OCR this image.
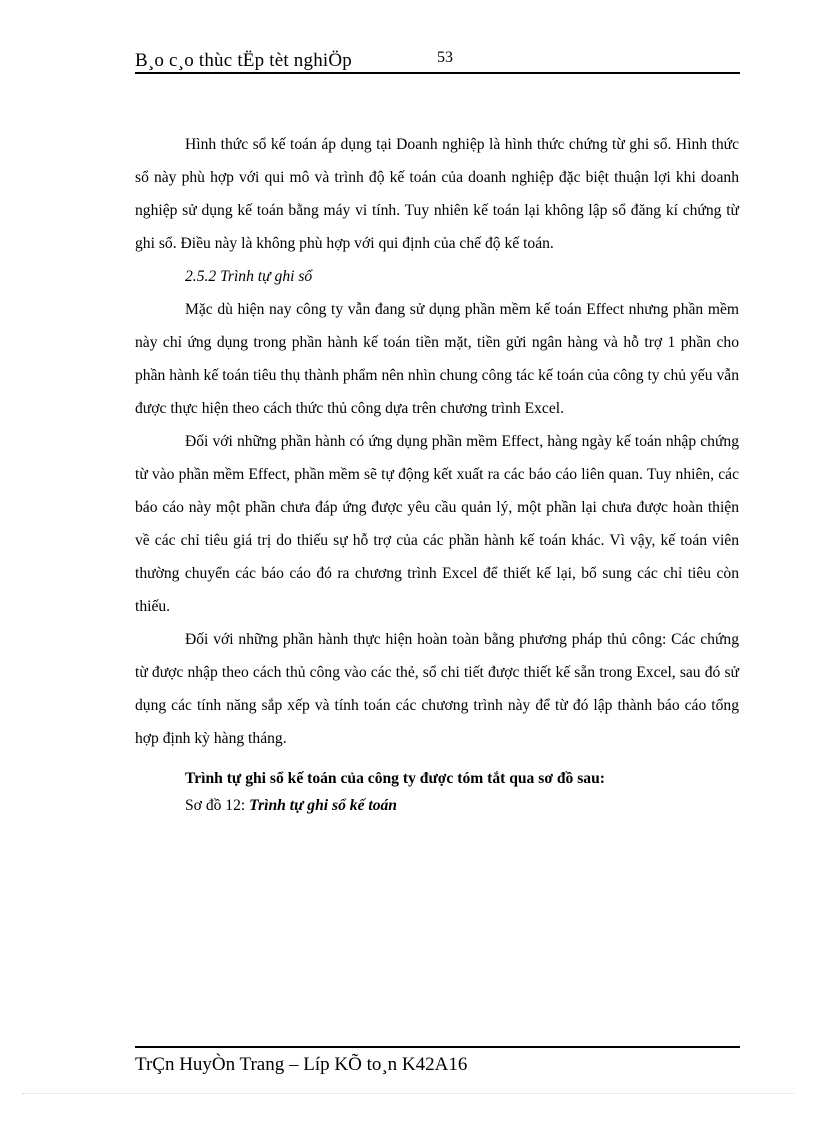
B¸o c¸o thùc tËp tèt nghiÖp	53

Hình thức sổ kế toán áp dụng tại Doanh nghiệp là hình thức chứng từ ghi sổ. Hình thức sổ này phù hợp với qui mô và trình độ kế toán của doanh nghiệp đặc biệt thuận lợi khi doanh nghiệp sử dụng kế toán bằng máy vi tính. Tuy nhiên kế toán lại không lập sổ đăng kí chứng từ ghi sổ. Điều này là không phù hợp với qui định của chế độ kế toán.

2.5.2 Trình tự ghi sổ

Mặc dù hiện nay công ty vẫn đang sử dụng phần mềm kế toán Effect nhưng phần mềm này chỉ ứng dụng trong phần hành kế toán tiền mặt, tiền gửi ngân hàng và hỗ trợ 1 phần cho phần hành kế toán tiêu thụ thành phẩm nên nhìn chung công tác kế toán của công ty chủ yếu vẫn được thực hiện theo cách thức thủ công dựa trên chương trình Excel.

Đối với những phần hành có ứng dụng phần mềm Effect, hàng ngày kế toán nhập chứng từ vào phần mềm Effect, phần mềm sẽ tự động kết xuất ra các báo cáo liên quan. Tuy nhiên, các báo cáo này một phần chưa đáp ứng được yêu cầu quản lý, một phần lại chưa được hoàn thiện về các chỉ tiêu giá trị do thiếu sự hỗ trợ của các phần hành kế toán khác. Vì vậy, kế toán viên thường chuyển các báo cáo đó ra chương trình Excel để thiết kế lại, bổ sung các chỉ tiêu còn thiếu.

Đối với những phần hành thực hiện hoàn toàn bằng phương pháp thủ công: Các chứng từ được nhập theo cách thủ công vào các thẻ, sổ chi tiết được thiết kế sẵn trong Excel, sau đó sử dụng các tính năng sắp xếp và tính toán các chương trình này để từ đó lập thành báo cáo tổng hợp định kỳ hàng tháng.

Trình tự ghi sổ kế toán của công ty được tóm tắt qua sơ đồ sau:

Sơ đồ 12: Trình tự ghi sổ kế toán

TrÇn HuyÒn Trang – Líp KÕ to¸n K42A16
